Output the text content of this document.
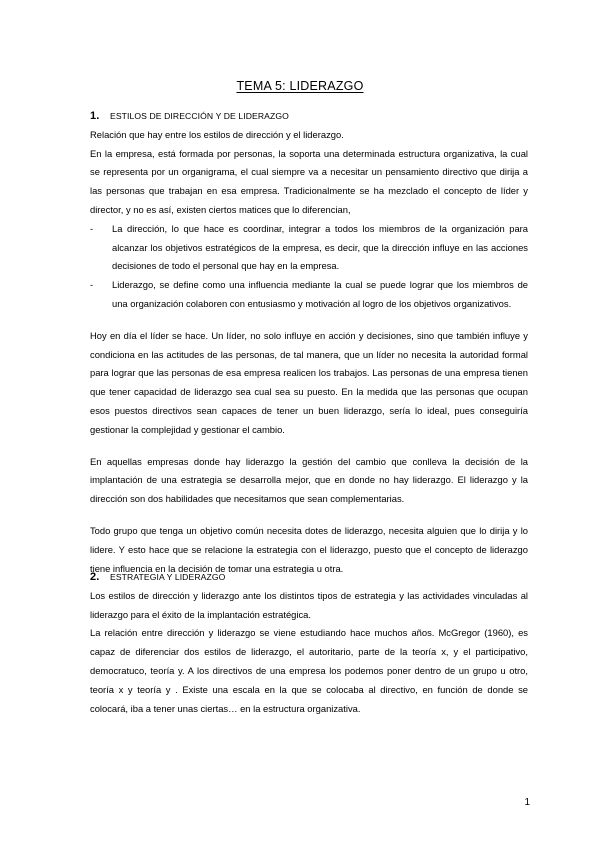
TEMA 5: LIDERAZGO
1. ESTILOS DE DIRECCIÓN Y DE LIDERAZGO

Relación que hay entre los estilos de dirección y el liderazgo.

En la empresa, está formada por personas, la soporta una determinada estructura organizativa, la cual se representa por un organigrama, el cual siempre va a necesitar un pensamiento directivo que dirija a las personas que trabajan en esa empresa. Tradicionalmente se ha mezclado el concepto de líder y director, y no es así, existen ciertos matices que lo diferencian,

- La dirección, lo que hace es coordinar, integrar a todos los miembros de la organización para alcanzar los objetivos estratégicos de la empresa, es decir, que la dirección influye en las acciones decisiones de todo el personal que hay en la empresa.
- Liderazgo, se define como una influencia mediante la cual se puede lograr que los miembros de una organización colaboren con entusiasmo y motivación al logro de los objetivos organizativos.

Hoy en día el líder se hace. Un líder, no solo influye en acción y decisiones, sino que también influye y condiciona en las actitudes de las personas, de tal manera, que un líder no necesita la autoridad formal para lograr que las personas de esa empresa realicen los trabajos. Las personas de una empresa tienen que tener capacidad de liderazgo sea cual sea su puesto. En la medida que las personas que ocupan esos puestos directivos sean capaces de tener un buen liderazgo, sería lo ideal, pues conseguiría gestionar la complejidad y gestionar el cambio.

En aquellas empresas donde hay liderazgo la gestión del cambio que conlleva la decisión de la implantación de una estrategia se desarrolla mejor, que en donde no hay liderazgo. El liderazgo y la dirección son dos habilidades que necesitamos que sean complementarias.

Todo grupo que tenga un objetivo común necesita dotes de liderazgo, necesita alguien que lo dirija y lo lidere. Y esto hace que se relacione la estrategia con el liderazgo, puesto que el concepto de liderazgo tiene influencia en la decisión de tomar una estrategia u otra.

2. ESTRATEGIA Y LIDERAZGO

Los estilos de dirección y liderazgo ante los distintos tipos de estrategia y las actividades vinculadas al liderazgo para el éxito de la implantación estratégica.

La relación entre dirección y liderazgo se viene estudiando hace muchos años. McGregor (1960), es capaz de diferenciar dos estilos de liderazgo, el autoritario, parte de la teoría x, y el participativo, democratuco, teoría y. A los directivos de una empresa los podemos poner dentro de un grupo u otro, teoría x y teoría y . Existe una escala en la que se colocaba al directivo, en función de donde se colocará, iba a tener unas ciertas… en la estructura organizativa.

1
